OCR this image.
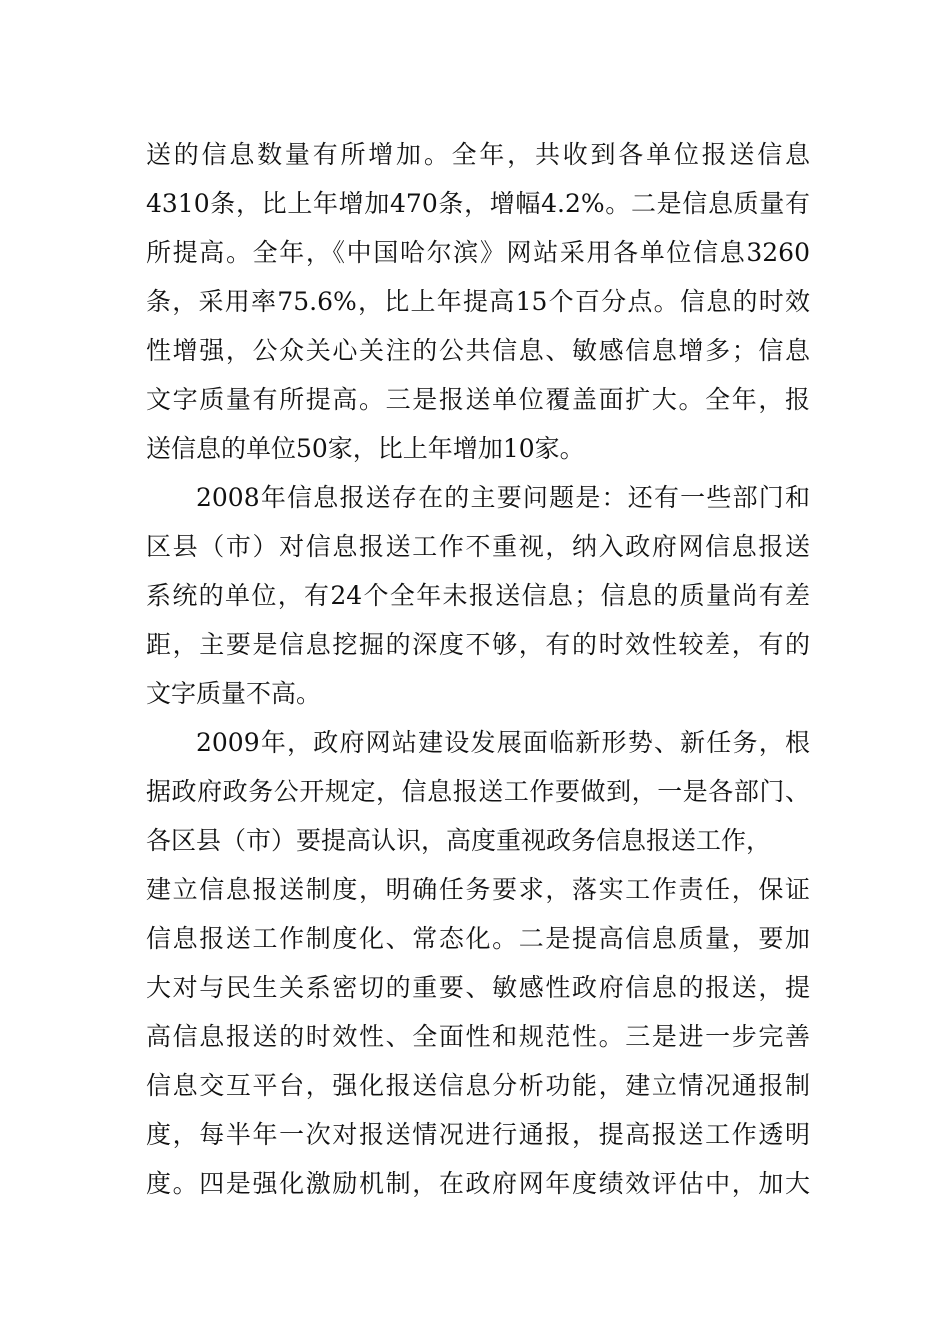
送的信息数量有所增加。全年，共收到各单位报送信息
4310条，比上年增加470条，增幅4.2%。二是信息质量有
所提高。全年，《中国哈尔滨》网站采用各单位信息3260
条，采用率75.6%，比上年提高15个百分点。信息的时效
性增强，公众关心关注的公共信息、敏感信息增多；信息
文字质量有所提高。三是报送单位覆盖面扩大。全年，报
送信息的单位50家，比上年增加10家。
2008年信息报送存在的主要问题是：还有一些部门和
区县（市）对信息报送工作不重视，纳入政府网信息报送
系统的单位，有24个全年未报送信息；信息的质量尚有差
距，主要是信息挖掘的深度不够，有的时效性较差，有的
文字质量不高。
2009年，政府网站建设发展面临新形势、新任务，根
据政府政务公开规定，信息报送工作要做到，一是各部门、
各区县（市）要提高认识，高度重视政务信息报送工作，
建立信息报送制度，明确任务要求，落实工作责任，保证
信息报送工作制度化、常态化。二是提高信息质量，要加
大对与民生关系密切的重要、敏感性政府信息的报送，提
高信息报送的时效性、全面性和规范性。三是进一步完善
信息交互平台，强化报送信息分析功能，建立情况通报制
度，每半年一次对报送情况进行通报，提高报送工作透明
度。四是强化激励机制，在政府网年度绩效评估中，加大
